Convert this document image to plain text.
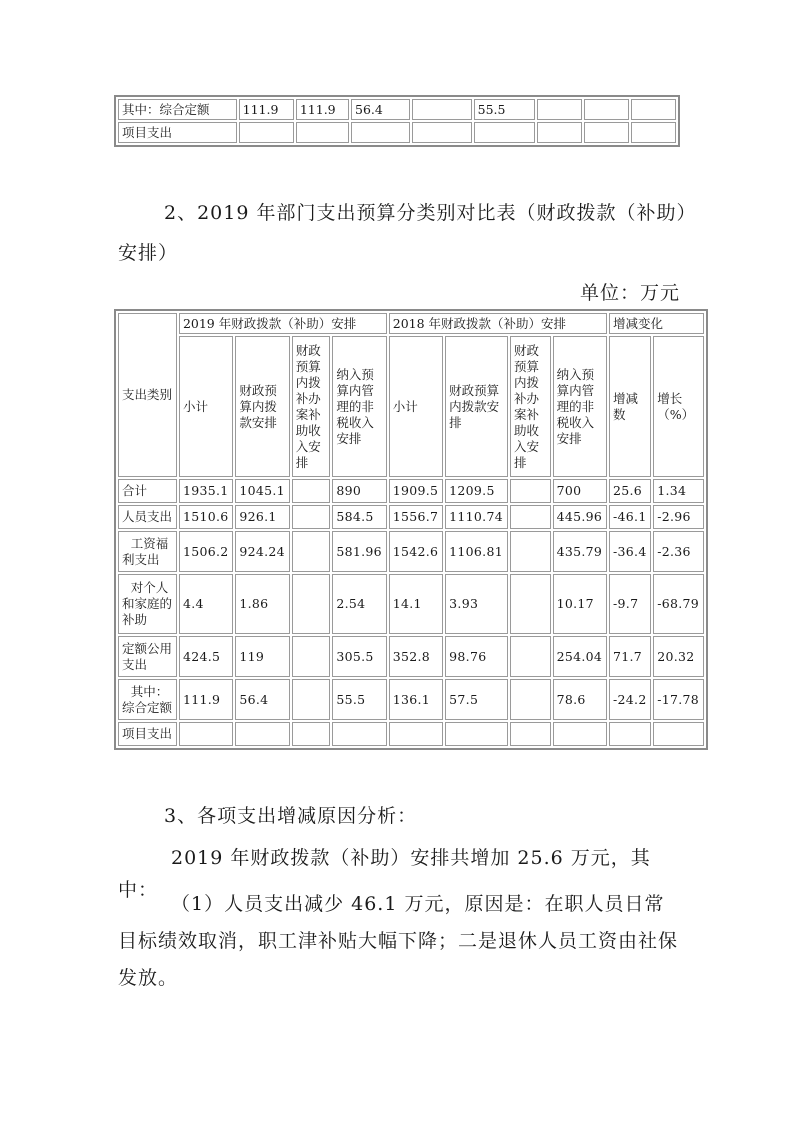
其中：综合定额	111.9	111.9	56.4		55.5			
项目支出								

2、2019 年部门支出预算分类别对比表（财政拨款（补助）安排）

单位：万元

支出类别	2019 年财政拨款（补助）安排				2018 年财政拨款（补助）安排				增减变化	
	小计	财政预算内拨款安排	财政预算内拨补办案补助收入安排	纳入预算内管理的非税收入安排	小计	财政预算内拨款安排	财政预算内拨补办案补助收入安排	纳入预算内管理的非税收入安排	增减数	增长（%）
合计	1935.1	1045.1		890	1909.5	1209.5		700	25.6	1.34
人员支出	1510.6	926.1		584.5	1556.7	1110.74		445.96	-46.1	-2.96
工资福利支出	1506.2	924.24		581.96	1542.6	1106.81		435.79	-36.4	-2.36
对个人和家庭的补助	4.4	1.86		2.54	14.1	3.93		10.17	-9.7	-68.79
定额公用支出	424.5	119		305.5	352.8	98.76		254.04	71.7	20.32
其中：综合定额	111.9	56.4		55.5	136.1	57.5		78.6	-24.2	-17.78
项目支出										

3、各项支出增减原因分析：

2019 年财政拨款（补助）安排共增加 25.6 万元，其中：

（1）人员支出减少 46.1 万元，原因是：在职人员日常目标绩效取消，职工津补贴大幅下降；二是退休人员工资由社保发放。
